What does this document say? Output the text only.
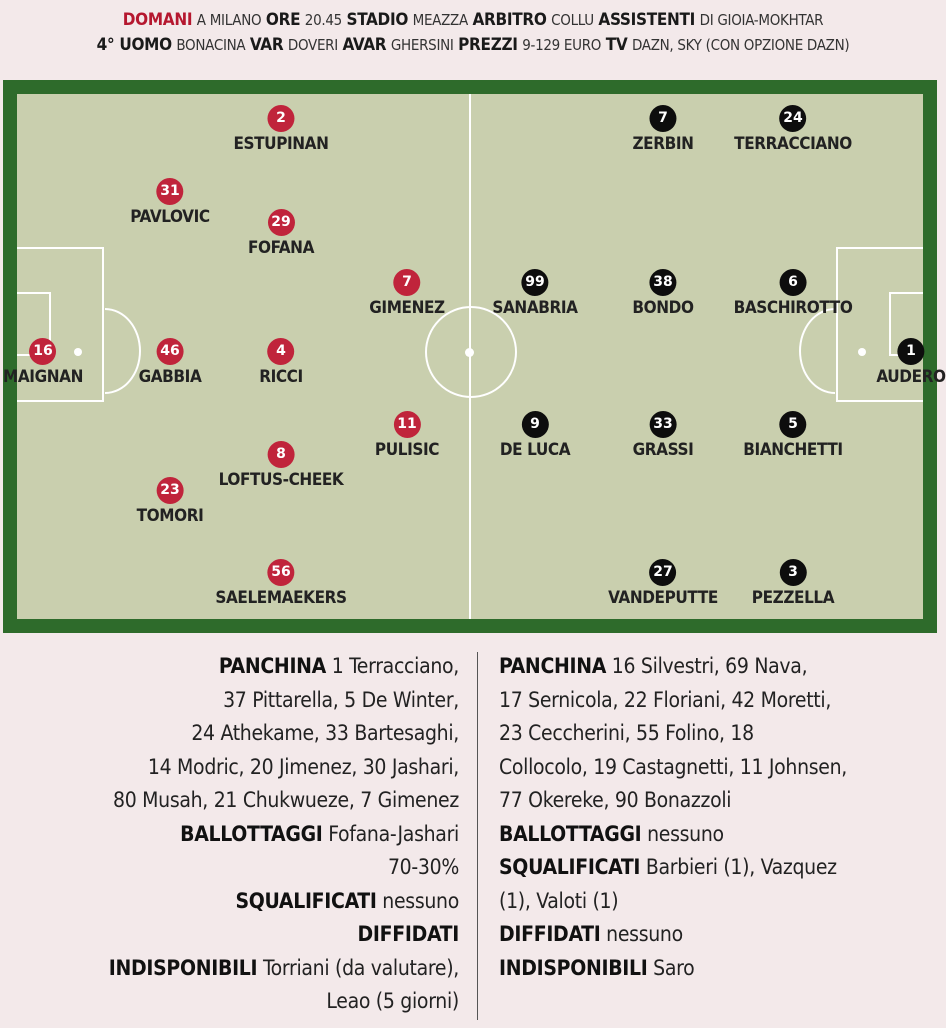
DOMANI A MILANO ORE 20.45 STADIO MEAZZA ARBITRO COLLU ASSISTENTI DI GIOIA-MOKHTAR
4° UOMO BONACINA VAR DOVERI AVAR GHERSINI PREZZI 9-129 EURO TV DAZN, SKY (CON OPZIONE DAZN)
16
MAIGNAN
2
ESTUPINAN
31
PAVLOVIC
46
GABBIA
23
TOMORI
29
FOFANA
4
RICCI
8
LOFTUS-CHEEK
56
SAELEMAEKERS
7
GIMENEZ
11
PULISIC
1
AUDERO
6
BASCHIROTTO
38
BONDO
99
SANABRIA
5
BIANCHETTI
33
GRASSI
9
DE LUCA
7
ZERBIN
24
TERRACCIANO
27
VANDEPUTTE
3
PEZZELLA
PANCHINA 1 Terracciano,
37 Pittarella, 5 De Winter,
24 Athekame, 33 Bartesaghi,
14 Modric, 20 Jimenez, 30 Jashari,
80 Musah, 21 Chukwueze, 7 Gimenez
BALLOTTAGGI Fofana-Jashari
70-30%
SQUALIFICATI nessuno
DIFFIDATI
INDISPONIBILI Torriani (da valutare),
Leao (5 giorni)
PANCHINA 16 Silvestri, 69 Nava,
17 Sernicola, 22 Floriani, 42 Moretti,
23 Ceccherini, 55 Folino, 18
Collocolo, 19 Castagnetti, 11 Johnsen,
77 Okereke, 90 Bonazzoli
BALLOTTAGGI nessuno
SQUALIFICATI Barbieri (1), Vazquez
(1), Valoti (1)
DIFFIDATI nessuno
INDISPONIBILI Saro
